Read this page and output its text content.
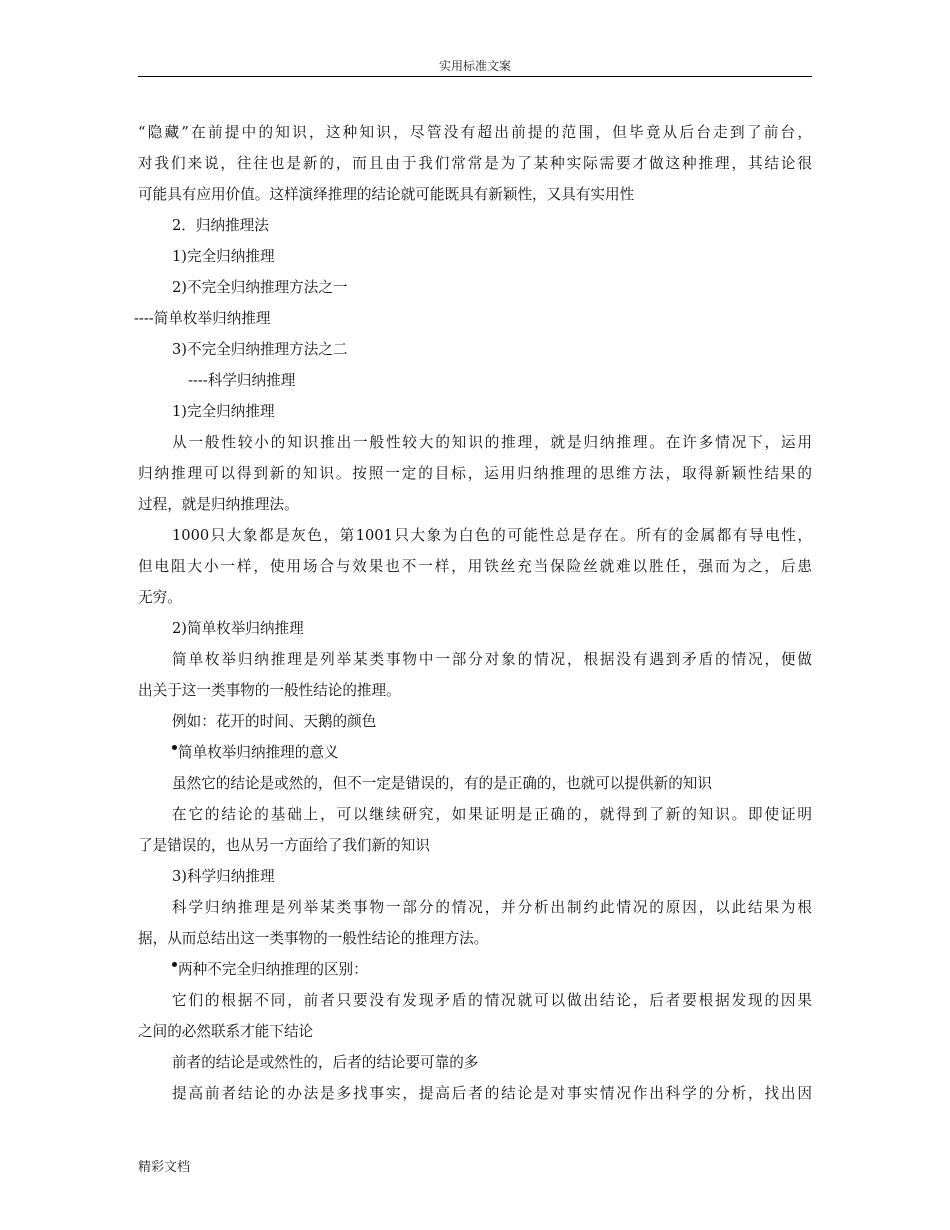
实用标准文案
“隐藏”在前提中的知识，这种知识，尽管没有超出前提的范围，但毕竟从后台走到了前台，
对我们来说，往往也是新的，而且由于我们常常是为了某种实际需要才做这种推理，其结论很
可能具有应用价值。这样演绎推理的结论就可能既具有新颖性，又具有实用性
2．归纳推理法
1)完全归纳推理
2)不完全归纳推理方法之一
----简单枚举归纳推理
3)不完全归纳推理方法之二
----科学归纳推理
1)完全归纳推理
从一般性较小的知识推出一般性较大的知识的推理，就是归纳推理。在许多情况下，运用
归纳推理可以得到新的知识。按照一定的目标，运用归纳推理的思维方法，取得新颖性结果的
过程，就是归纳推理法。
1000只大象都是灰色，第1001只大象为白色的可能性总是存在。所有的金属都有导电性，
但电阻大小一样，使用场合与效果也不一样，用铁丝充当保险丝就难以胜任，强而为之，后患
无穷。
2)简单枚举归纳推理
简单枚举归纳推理是列举某类事物中一部分对象的情况，根据没有遇到矛盾的情况，便做
出关于这一类事物的一般性结论的推理。
例如：花开的时间、天鹅的颜色
简单枚举归纳推理的意义
虽然它的结论是或然的，但不一定是错误的，有的是正确的，也就可以提供新的知识
在它的结论的基础上，可以继续研究，如果证明是正确的，就得到了新的知识。即使证明
了是错误的，也从另一方面给了我们新的知识
3)科学归纳推理
科学归纳推理是列举某类事物一部分的情况，并分析出制约此情况的原因，以此结果为根
据，从而总结出这一类事物的一般性结论的推理方法。
两种不完全归纳推理的区别：
它们的根据不同，前者只要没有发现矛盾的情况就可以做出结论，后者要根据发现的因果
之间的必然联系才能下结论
前者的结论是或然性的，后者的结论要可靠的多
提高前者结论的办法是多找事实，提高后者的结论是对事实情况作出科学的分析，找出因
精彩文档
